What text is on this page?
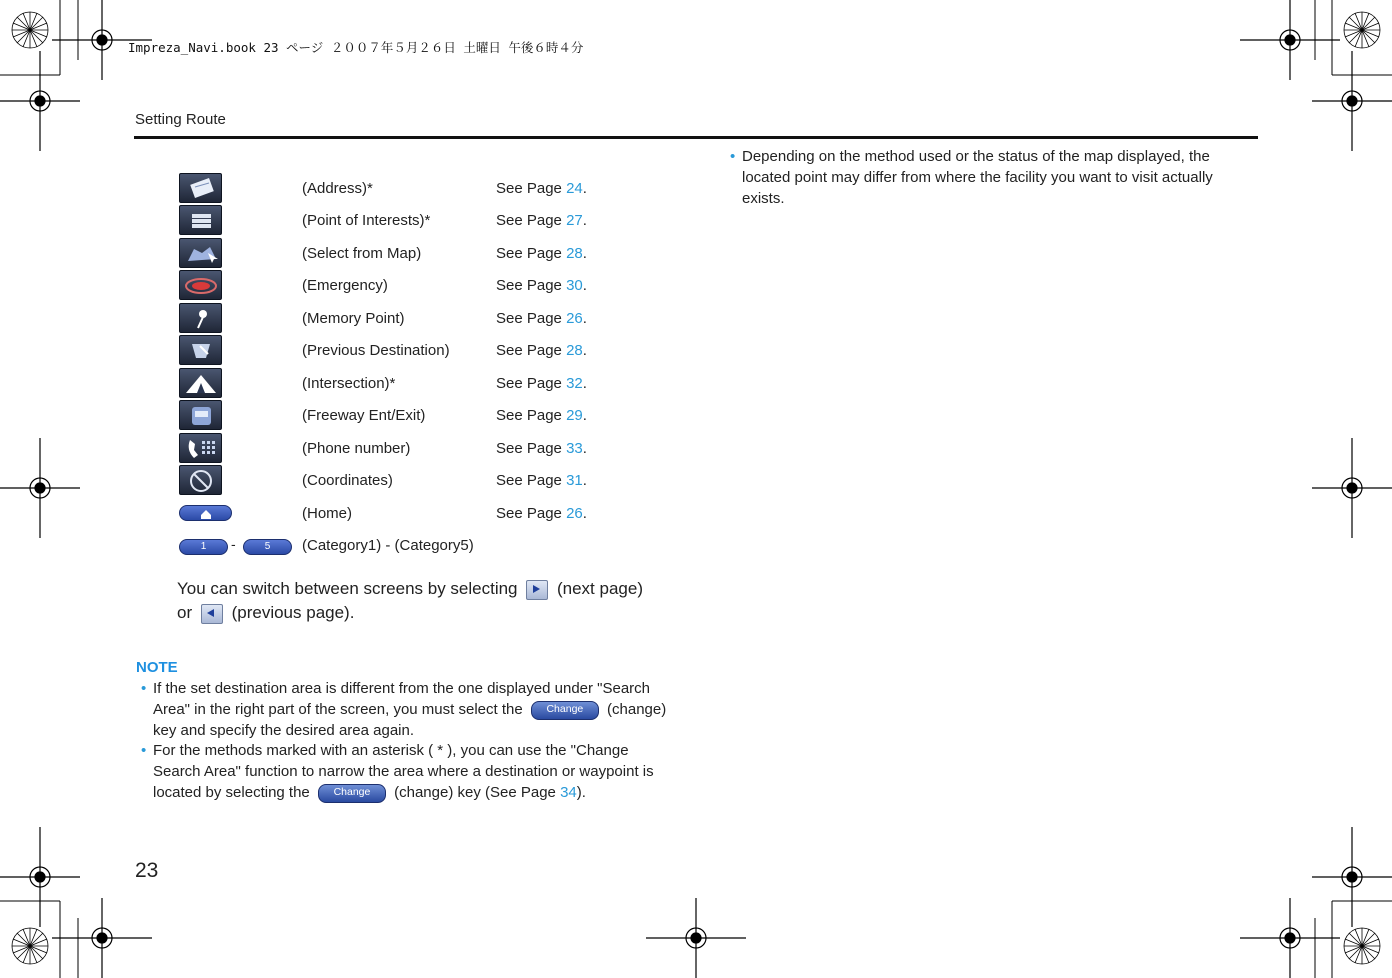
Impreza_Navi.book 23 ページ ２００７年５月２６日 土曜日 午後６時４分
Setting Route
(Address)*	See Page 24.
(Point of Interests)*	See Page 27.
(Select from Map)	See Page 28.
(Emergency)	See Page 30.
(Memory Point)	See Page 26.
(Previous Destination)	See Page 28.
(Intersection)*	See Page 32.
(Freeway Ent/Exit)	See Page 29.
(Phone number)	See Page 33.
(Coordinates)	See Page 31.
(Home)	See Page 26.
1	-	5	(Category1) - (Category5)
You can switch between screens by selecting (next page)
or (previous page).
NOTE
• If the set destination area is different from the one displayed under "Search Area" in the right part of the screen, you must select the Change (change) key and specify the desired area again.
• For the methods marked with an asterisk ( * ), you can use the "Change Search Area" function to narrow the area where a destination or waypoint is located by selecting the Change (change) key (See Page 34).
• Depending on the method used or the status of the map displayed, the located point may differ from where the facility you want to visit actually exists.
23
